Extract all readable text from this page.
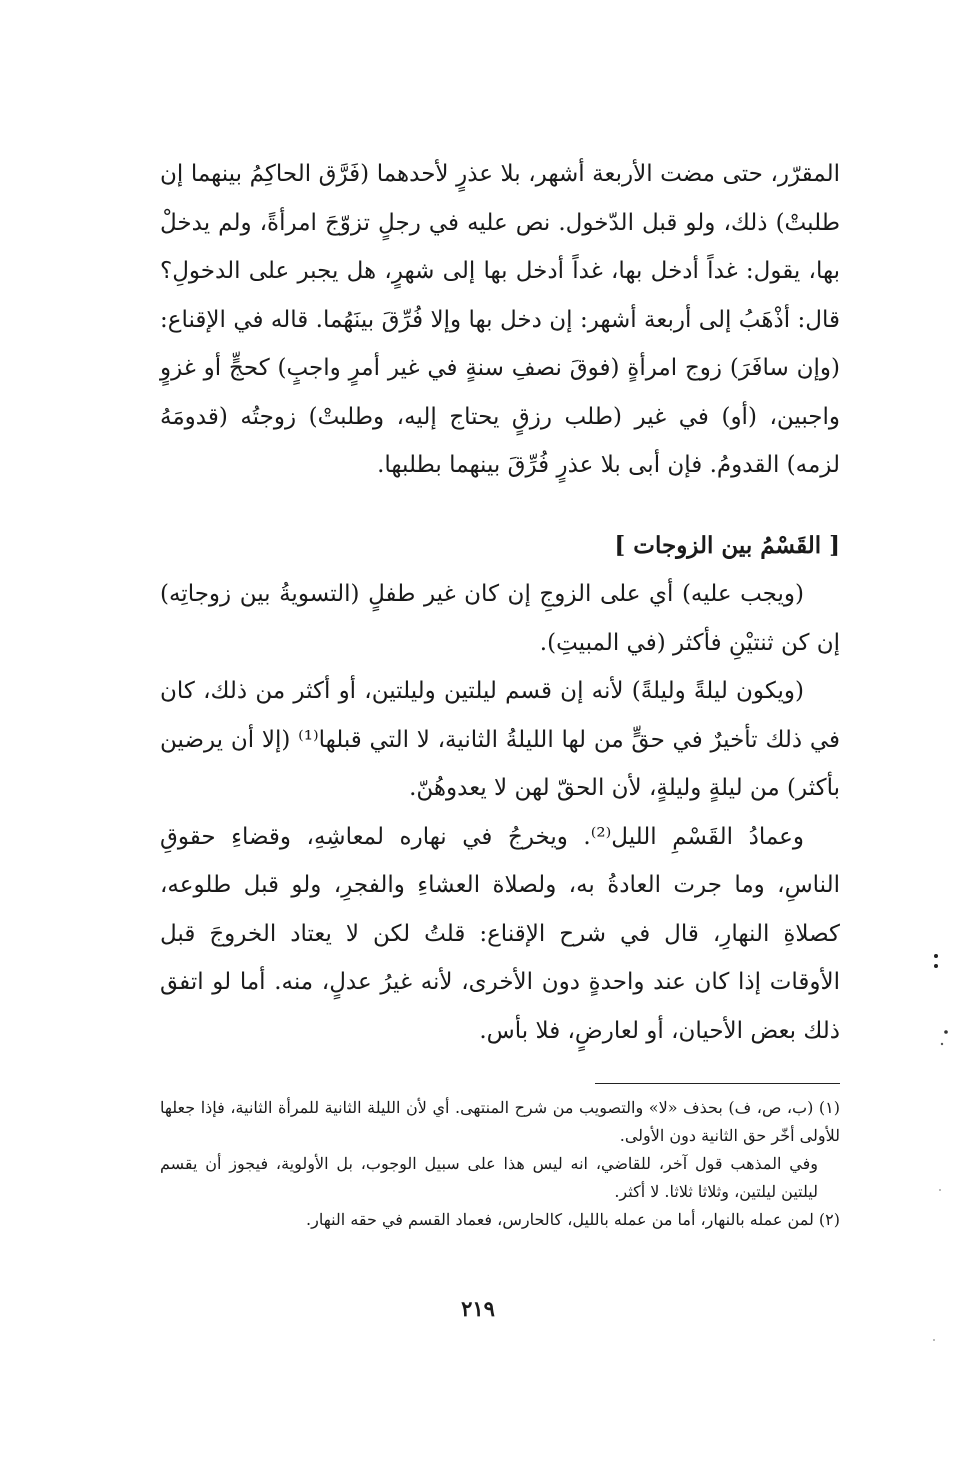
المقرّر، حتى مضت الأربعة أشهر، بلا عذرٍ لأحدهما (فَرَّق الحاكِمُ بينهما إن طلبتْ) ذلك، ولو قبل الدّخول. نص عليه في رجلٍ تزوّجَ امرأةً، ولم يدخلْ بها، يقول: غداً أدخل بها، غداً أدخل بها إلى شهرٍ، هل يجبر على الدخولِ؟ قال: أذْهَبُ إلى أربعة أشهر: إن دخل بها وإلا فُرِّقَ بينَهُما. قاله في الإقناع: (وإن سافَرَ) زوج امرأةٍ (فوقَ نصفِ سنةٍ في غير أمرٍ واجبٍ) كحجٍّ أو غزوٍ واجبين، (أو) في غير (طلب رزقٍ يحتاج إليه، وطلبتْ) زوجتُه (قدومَهُ لزمه) القدومُ. فإن أبى بلا عذرٍ فُرِّقَ بينهما بطلبها.

[ القَسْمُ بين الزوجات ]

(ويجب عليه) أي على الزوجِ إن كان غير طفلٍ (التسويةُ بين زوجاتِه) إن كن ثنتيْنِ فأكثر (في المبيتِ).

(ويكون ليلةً وليلةً) لأنه إن قسم ليلتين وليلتين، أو أكثر من ذلك، كان في ذلك تأخيرٌ في حقٍّ من لها الليلةُ الثانية، لا التي قبلها⁽¹⁾ (إلا أن يرضين بأكثر) من ليلةٍ وليلةٍ، لأن الحقّ لهن لا يعدوهُنّ.

وعمادُ القَسْمِ الليل⁽²⁾. ويخرجُ في نهاره لمعاشِهِ، وقضاءِ حقوقِ الناسِ، وما جرت العادةُ به، ولصلاة العشاءِ والفجرِ، ولو قبل طلوعه، كصلاةِ النهارِ، قال في شرح الإقناع: قلتُ لكن لا يعتاد الخروجَ قبل الأوقات إذا كان عند واحدةٍ دون الأخرى، لأنه غيرُ عدلٍ، منه. أما لو اتفق ذلك بعض الأحيان، أو لعارضٍ، فلا بأس.

(١) (ب، ص، ف) بحذف «لا» والتصويب من شرح المنتهى. أي لأن الليلة الثانية للمرأة الثانية، فإذا جعلها للأولى أخّر حق الثانية دون الأولى.

وفي المذهب قول آخر، للقاضي، انه ليس هذا على سبيل الوجوب، بل الأولوية، فيجوز أن يقسم ليلتين ليلتين، وثلاثا ثلاثا. لا أكثر.

(٢) لمن عمله بالنهار، أما من عمله بالليل، كالحارس، فعماد القسم في حقه النهار.

٢١٩
